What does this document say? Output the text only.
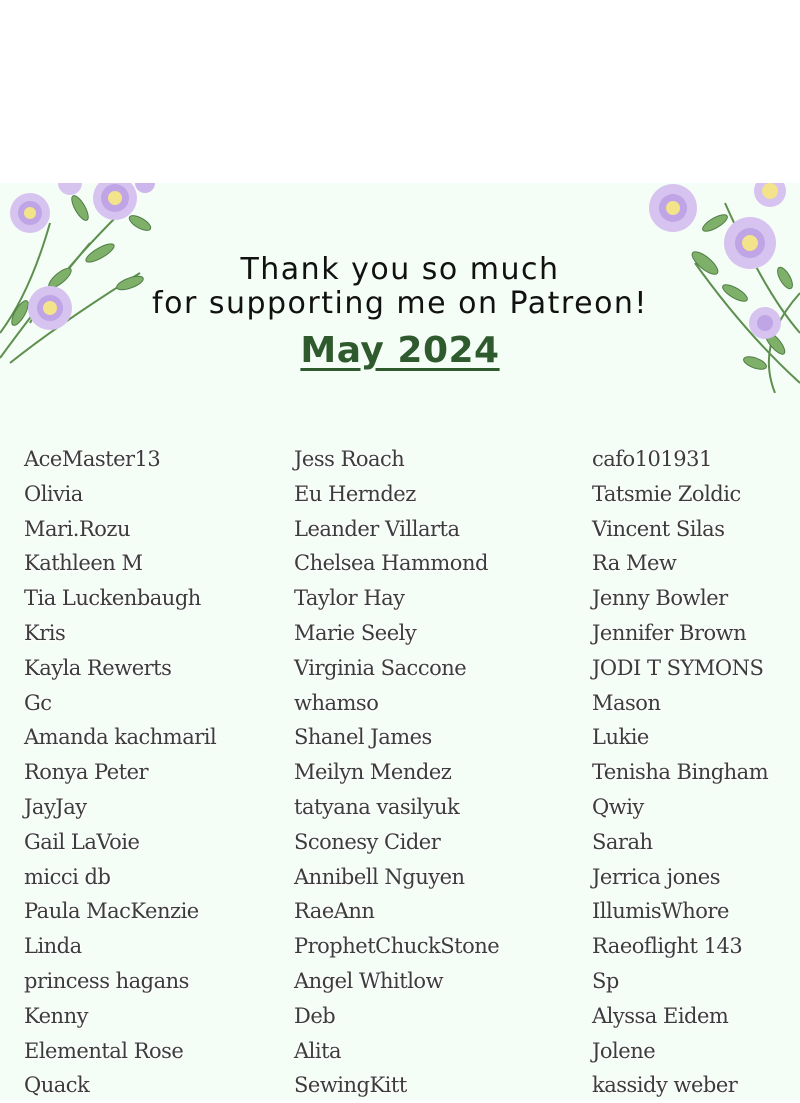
Thank you so much
for supporting me on Patreon!
May 2024
AceMaster13
Olivia
Mari.Rozu
Kathleen M
Tia Luckenbaugh
Kris
Kayla Rewerts
Gc
Amanda kachmaril
Ronya Peter
JayJay
Gail LaVoie
micci db
Paula MacKenzie
Linda
princess hagans
Kenny
Elemental Rose
Quack
Jess Roach
Eu Herndez
Leander Villarta
Chelsea Hammond
Taylor Hay
Marie Seely
Virginia Saccone
whamso
Shanel James
Meilyn Mendez
tatyana vasilyuk
Sconesy Cider
Annibell Nguyen
RaeAnn
ProphetChuckStone
Angel Whitlow
Deb
Alita
SewingKitt
cafo101931
Tatsmie Zoldic
Vincent Silas
Ra Mew
Jenny Bowler
Jennifer Brown
JODI T SYMONS
Mason
Lukie
Tenisha Bingham
Qwiy
Sarah
Jerrica jones
IllumisWhore
Raeoflight 143
Sp
Alyssa Eidem
Jolene
kassidy weber
